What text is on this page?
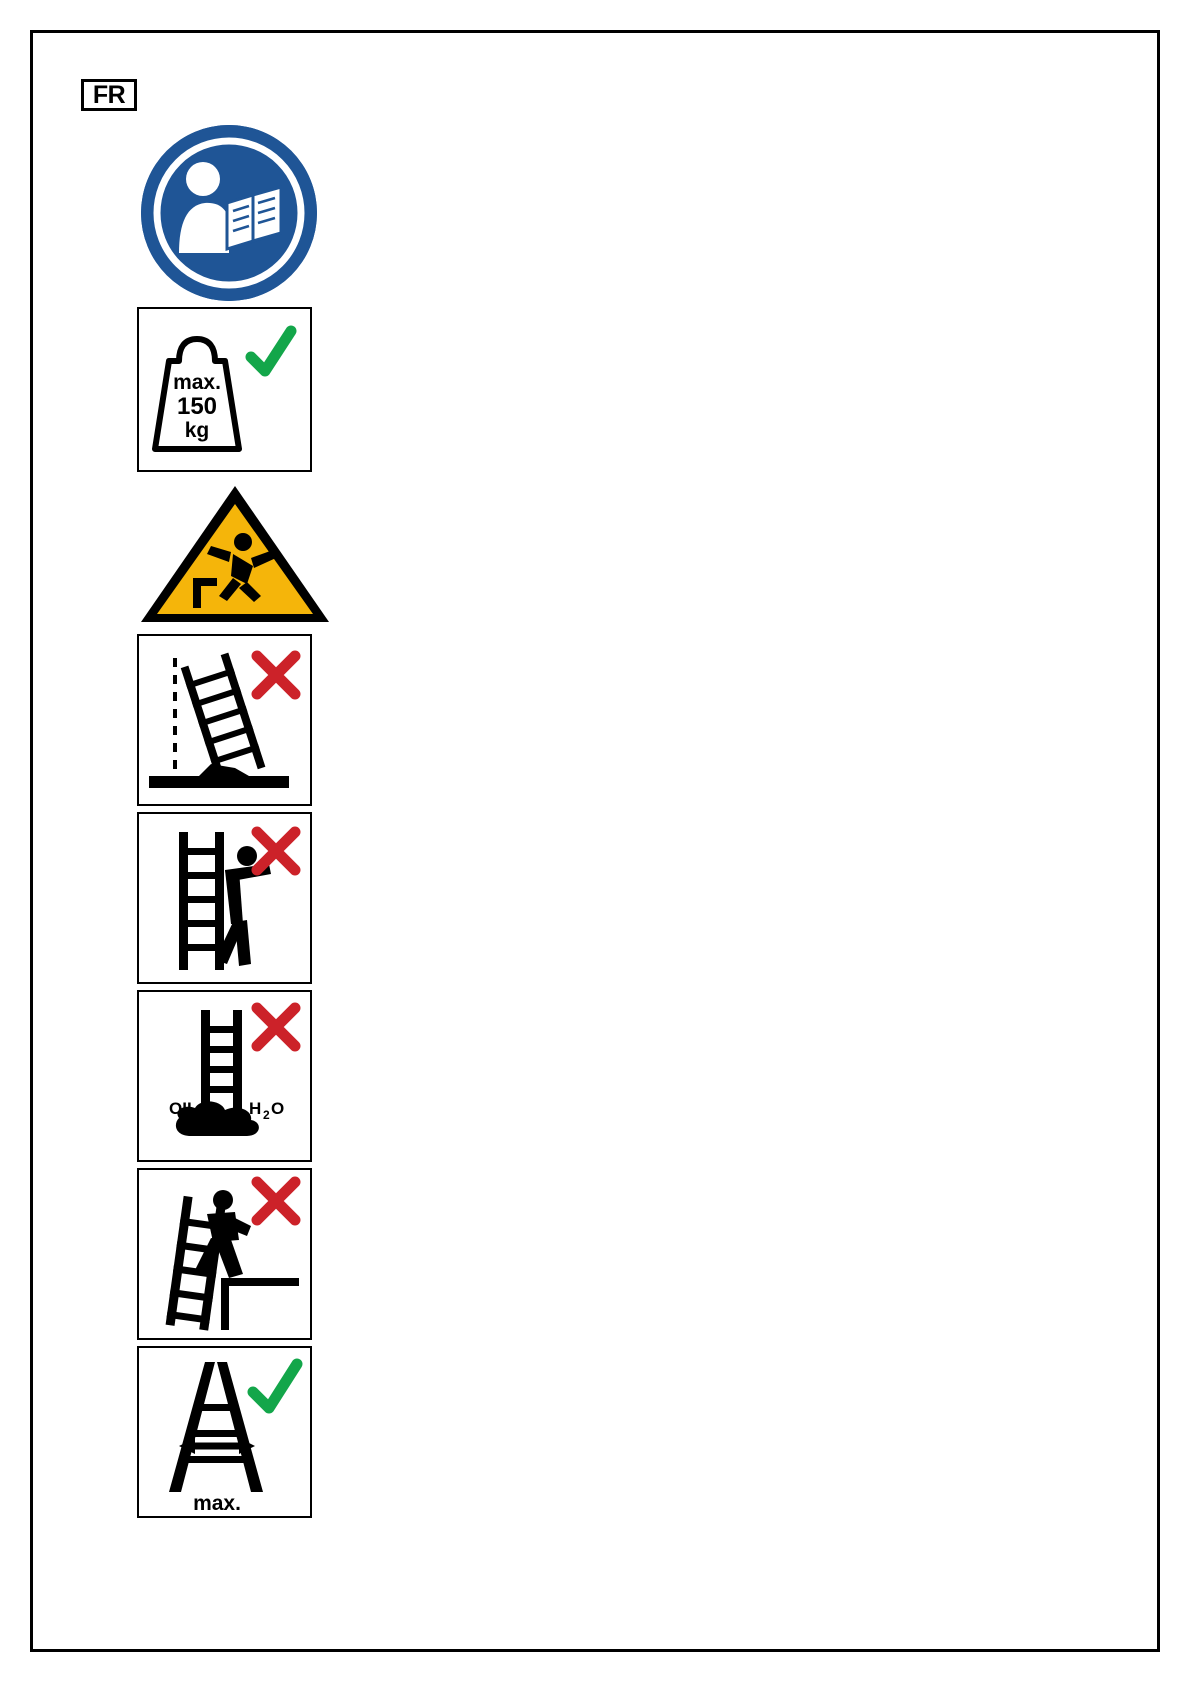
FR
max.
150
kg
OIL	H 2 O
max.
